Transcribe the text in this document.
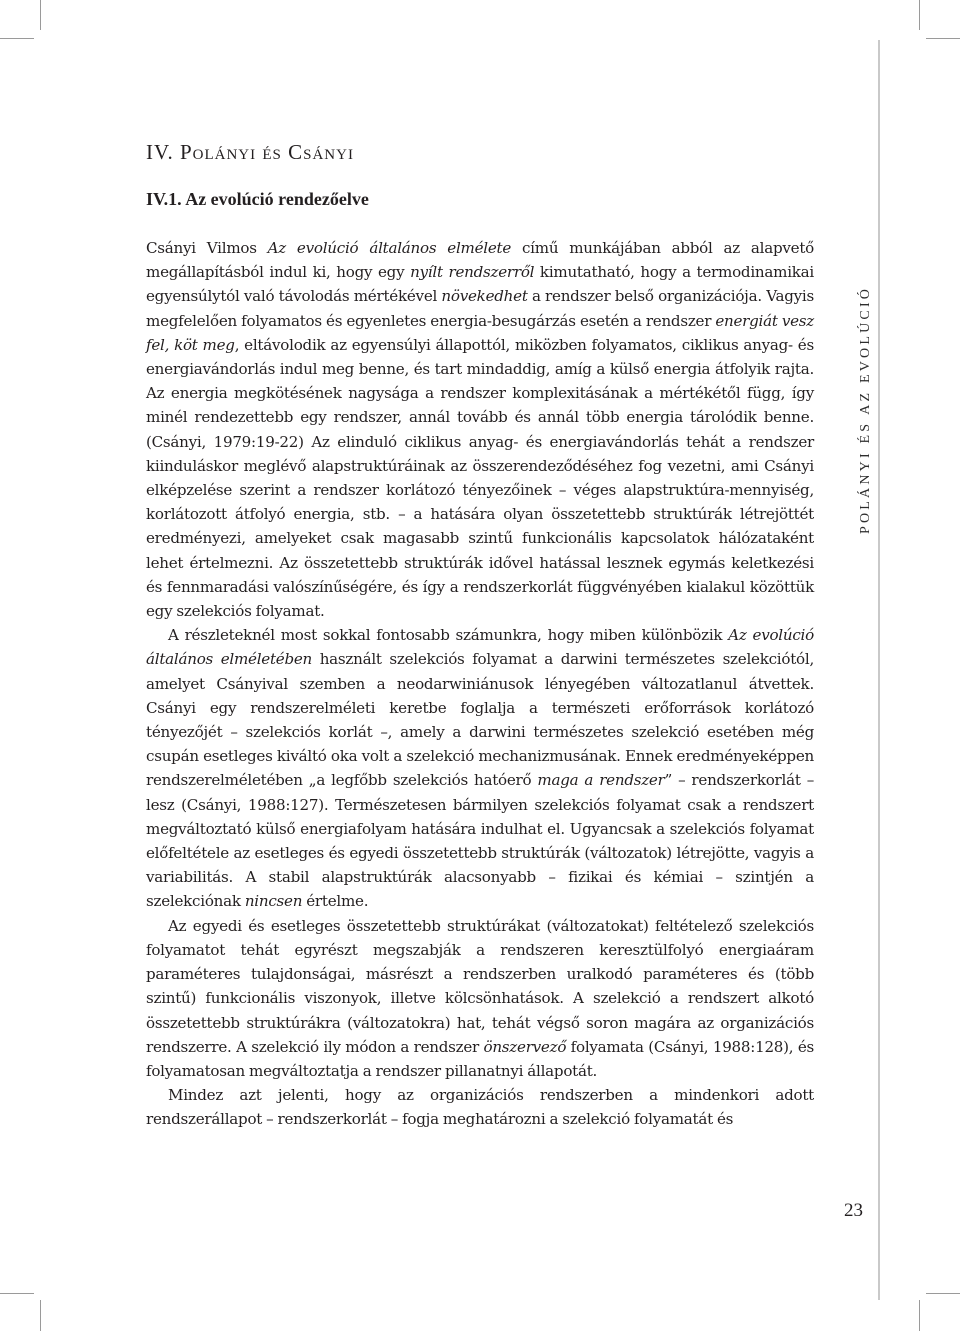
IV. Polányi és Csányi
IV.1. Az evolúció rendezőelve

Csányi Vilmos Az evolúció általános elmélete című munkájában abból az alapvető megállapításból indul ki, hogy egy nyílt rendszerről kimutatható, hogy a termodinamikai egyensúlytól való távolodás mértékével növekedhet a rendszer belső organizációja. Vagyis megfelelően folyamatos és egyenletes energia-besugárzás esetén a rendszer energiát vesz fel, köt meg, eltávolodik az egyensúlyi állapottól, miközben folyamatos, ciklikus anyag- és energiavándorlás indul meg benne, és tart mindaddig, amíg a külső energia átfolyik rajta. Az energia megkötésének nagysága a rendszer komplexitásának a mértékétől függ, így minél rendezettebb egy rendszer, annál tovább és annál több energia tárolódik benne. (Csányi, 1979:19-22) Az elinduló ciklikus anyag- és energiavándorlás tehát a rendszer kiinduláskor meglévő alapstruktúráinak az összerendeződéséhez fog vezetni, ami Csányi elképzelése szerint a rendszer korlátozó tényezőinek – véges alapstruktúra-mennyiség, korlátozott átfolyó energia, stb. – a hatására olyan összetettebb struktúrák létrejöttét eredményezi, amelyeket csak magasabb szintű funkcionális kapcsolatok hálózataként lehet értelmezni. Az összetettebb struktúrák idővel hatással lesznek egymás keletkezési és fennmaradási valószínűségére, és így a rendszerkorlát függvényében kialakul közöttük egy szelekciós folyamat.

A részleteknél most sokkal fontosabb számunkra, hogy miben különbözik Az evolúció általános elméletében használt szelekciós folyamat a darwini természetes szelekciótól, amelyet Csányival szemben a neodarwiniánusok lényegében változatlanul átvettek. Csányi egy rendszerelméleti keretbe foglalja a természeti erőforrások korlátozó tényezőjét – szelekciós korlát –, amely a darwini természetes szelekció esetében még csupán esetleges kiváltó oka volt a szelekció mechanizmusának. Ennek eredményeképpen rendszerelméletében „a legfőbb szelekciós hatóerő maga a rendszer” – rendszerkorlát – lesz (Csányi, 1988:127). Természetesen bármilyen szelekciós folyamat csak a rendszert megváltoztató külső energiafolyam hatására indulhat el. Ugyancsak a szelekciós folyamat előfeltétele az esetleges és egyedi összetettebb struktúrák (változatok) létrejötte, vagyis a variabilitás. A stabil alapstruktúrák alacsonyabb – fizikai és kémiai – szintjén a szelekciónak nincsen értelme.

Az egyedi és esetleges összetettebb struktúrákat (változatokat) feltételező szelekciós folyamatot tehát egyrészt megszabják a rendszeren keresztülfolyó energiaáram paraméteres tulajdonságai, másrészt a rendszerben uralkodó paraméteres és (több szintű) funkcionális viszonyok, illetve kölcsönhatások. A szelekció a rendszert alkotó összetettebb struktúrákra (változatokra) hat, tehát végső soron magára az organizációs rendszerre. A szelekció ily módon a rendszer önszervező folyamata (Csányi, 1988:128), és folyamatosan megváltoztatja a rendszer pillanatnyi állapotát.

Mindez azt jelenti, hogy az organizációs rendszerben a mindenkori adott rendszerállapot – rendszerkorlát – fogja meghatározni a szelekció folyamatát és

POLÁNYI ÉS AZ EVOLÚCIÓ
23
